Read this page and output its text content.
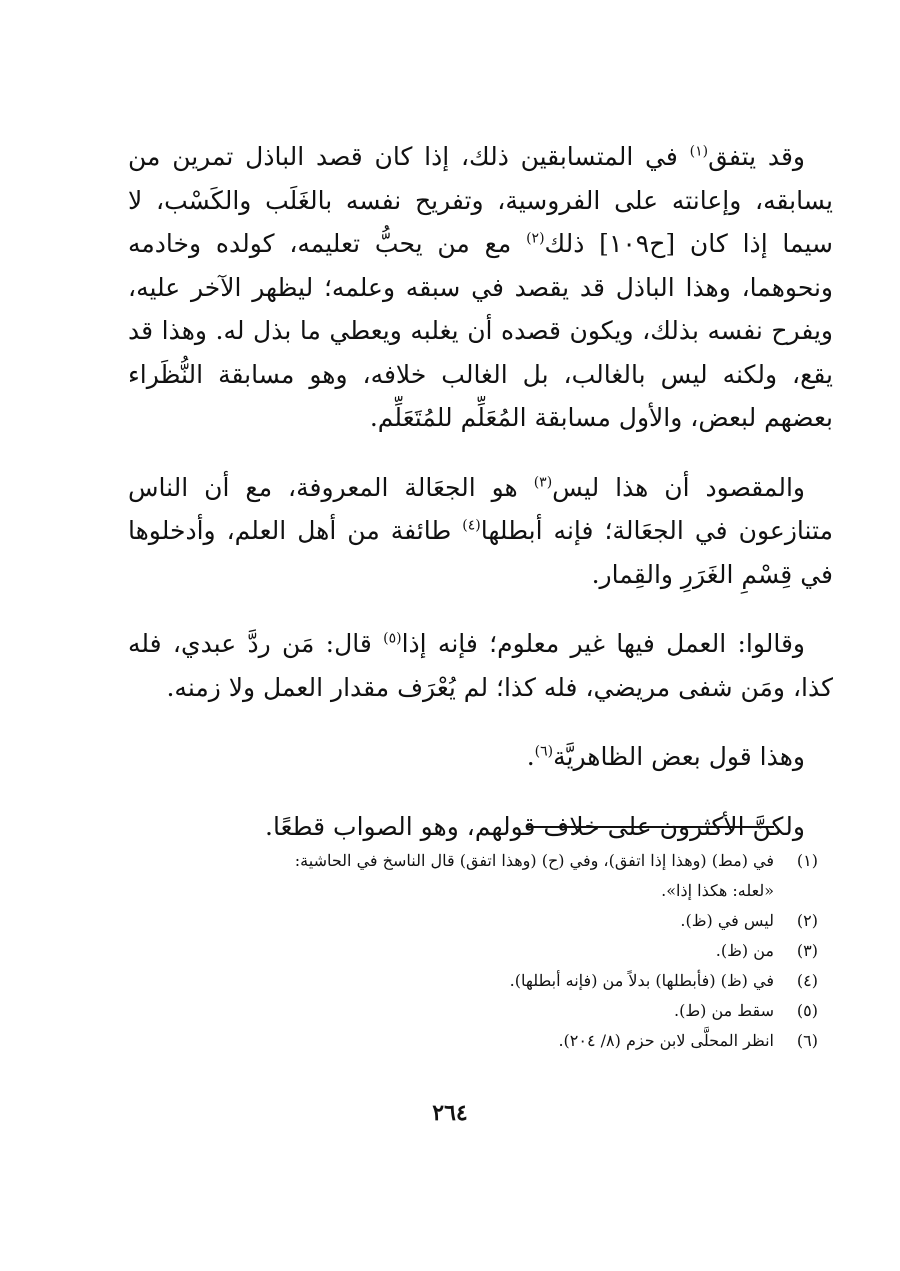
وقد يتفق$^{(١)}$ في المتسابقين ذلك، إذا كان قصد الباذل تمرين من
يسابقه، وإعانته على الفروسية، وتفريح نفسه بالغَلَب والكَسْب، لا
سيما إذا كان [ح١٠٩] ذلك$^{(٢)}$ مع من يحبُّ تعليمه، كولده وخادمه
ونحوهما، وهذا الباذل قد يقصد في سبقه وعلمه؛ ليظهر الآخر عليه،
ويفرح نفسه بذلك، ويكون قصده أن يغلبه ويعطي ما بذل له. وهذا قد
يقع، ولكنه ليس بالغالب، بل الغالب خلافه، وهو مسابقة النُّظَراء
بعضهم لبعض، والأول مسابقة المُعَلِّم للمُتَعَلِّم.

والمقصود أن هذا ليس$^{(٣)}$ هو الجعَالة المعروفة، مع أن الناس
متنازعون في الجعَالة؛ فإنه أبطلها$^{(٤)}$ طائفة من أهل العلم، وأدخلوها
في قِسْمِ الغَرَرِ والقِمار.

وقالوا: العمل فيها غير معلوم؛ فإنه إذا$^{(٥)}$ قال: مَن ردَّ عبدي، فله
كذا، ومَن شفى مريضي، فله كذا؛ لم يُعْرَف مقدار العمل ولا زمنه.

وهذا قول بعض الظاهريَّة$^{(٦)}$.

ولكنَّ الأكثرون على خلاف قولهم، وهو الصواب قطعًا.

(١)
في (مط) (وهذا إذا اتفق)، وفي (ح) (وهذا اتفق) قال الناسخ في الحاشية:
«لعله: هكذا إذا».
(٢)
ليس في (ظ).
(٣)
من (ظ).
(٤)
في (ظ) (فأبطلها) بدلاً من (فإنه أبطلها).
(٥)
سقط من (ط).
(٦)
انظر المحلَّى لابن حزم (٨/ ٢٠٤).
٢٦٤
